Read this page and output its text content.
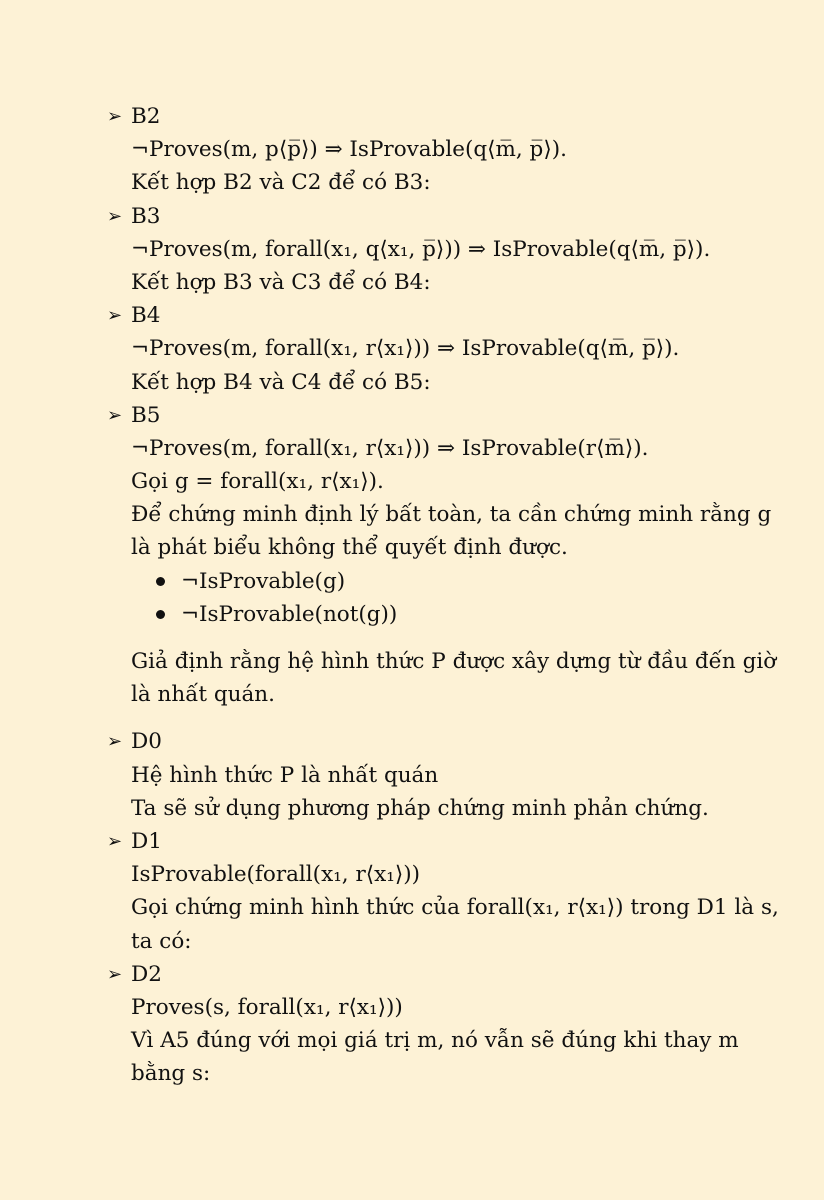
➢ B2
¬Proves(m, p⟨p̅⟩) ⇒ IsProvable(q⟨m̅, p̅⟩).
Kết hợp B2 và C2 để có B3:
➢ B3
¬Proves(m, forall(x₁, q⟨x₁, p̅⟩)) ⇒ IsProvable(q⟨m̅, p̅⟩).
Kết hợp B3 và C3 để có B4:
➢ B4
¬Proves(m, forall(x₁, r⟨x₁⟩)) ⇒ IsProvable(q⟨m̅, p̅⟩).
Kết hợp B4 và C4 để có B5:
➢ B5
¬Proves(m, forall(x₁, r⟨x₁⟩)) ⇒ IsProvable(r⟨m̅⟩).
Gọi g = forall(x₁, r⟨x₁⟩).
Để chứng minh định lý bất toàn, ta cần chứng minh rằng g
là phát biểu không thể quyết định được.
¬IsProvable(g)
¬IsProvable(not(g))
Giả định rằng hệ hình thức P được xây dựng từ đầu đến giờ
là nhất quán.
➢ D0
Hệ hình thức P là nhất quán
Ta sẽ sử dụng phương pháp chứng minh phản chứng.
➢ D1
IsProvable(forall(x₁, r⟨x₁⟩))
Gọi chứng minh hình thức của forall(x₁, r⟨x₁⟩) trong D1 là s,
ta có:
➢ D2
Proves(s, forall(x₁, r⟨x₁⟩))
Vì A5 đúng với mọi giá trị m, nó vẫn sẽ đúng khi thay m
bằng s:
